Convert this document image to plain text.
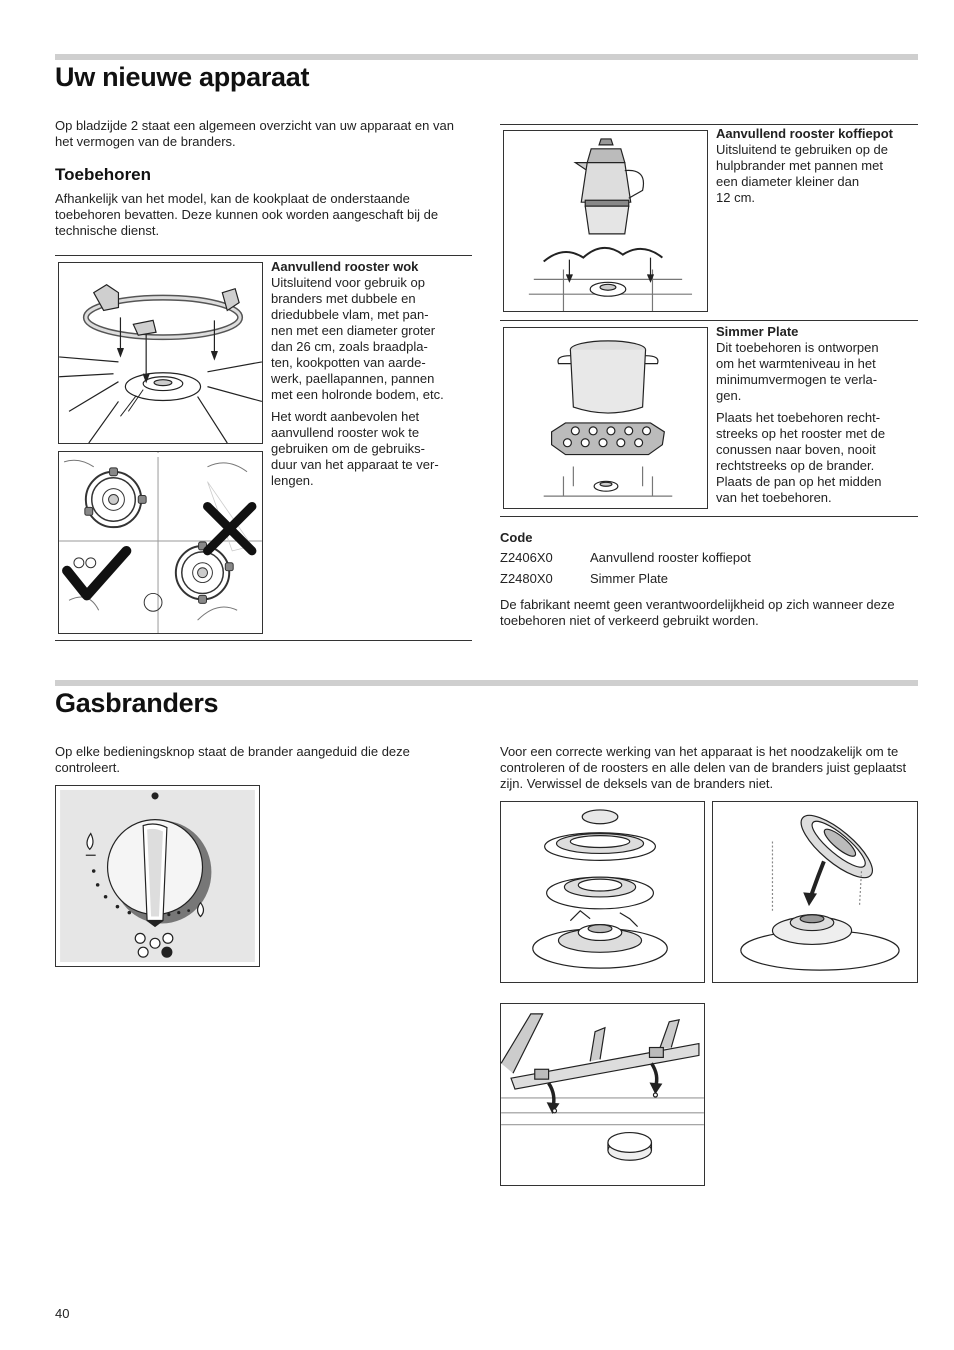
Uw nieuwe apparaat
Op bladzijde 2 staat een algemeen overzicht van uw apparaat en van het vermogen van de branders.
Toebehoren
Afhankelijk van het model, kan de kookplaat de onderstaande toebehoren bevatten. Deze kunnen ook worden aangeschaft bij de technische dienst.
Aanvullend rooster wok
Uitsluitend voor gebruik op
branders met dubbele en
driedubbele vlam, met pan-
nen met een diameter groter
dan 26 cm, zoals braadpla-
ten, kookpotten van aarde-
werk, paellapannen, pannen
met een holronde bodem, etc.
Het wordt aanbevolen het
aanvullend rooster wok te
gebruiken om de gebruiks-
duur van het apparaat te ver-
lengen.
Aanvullend rooster koffiepot
Uitsluitend te gebruiken op de
hulpbrander met pannen met
een diameter kleiner dan
12 cm.
Simmer Plate
Dit toebehoren is ontworpen
om het warmteniveau in het
minimumvermogen te verla-
gen.
Plaats het toebehoren recht-
streeks op het rooster met de
conussen naar boven, nooit
rechtstreeks op de brander.
Plaats de pan op het midden
van het toebehoren.
Code
Z2406X0	Aanvullend rooster koffiepot
Z2480X0	Simmer Plate
De fabrikant neemt geen verantwoordelijkheid op zich wanneer deze toebehoren niet of verkeerd gebruikt worden.
Gasbranders
Op elke bedieningsknop staat de brander aangeduid die deze controleert.
Voor een correcte werking van het apparaat is het noodzakelijk om te controleren of de roosters en alle delen van de branders juist geplaatst zijn. Verwissel de deksels van de branders niet.
40
